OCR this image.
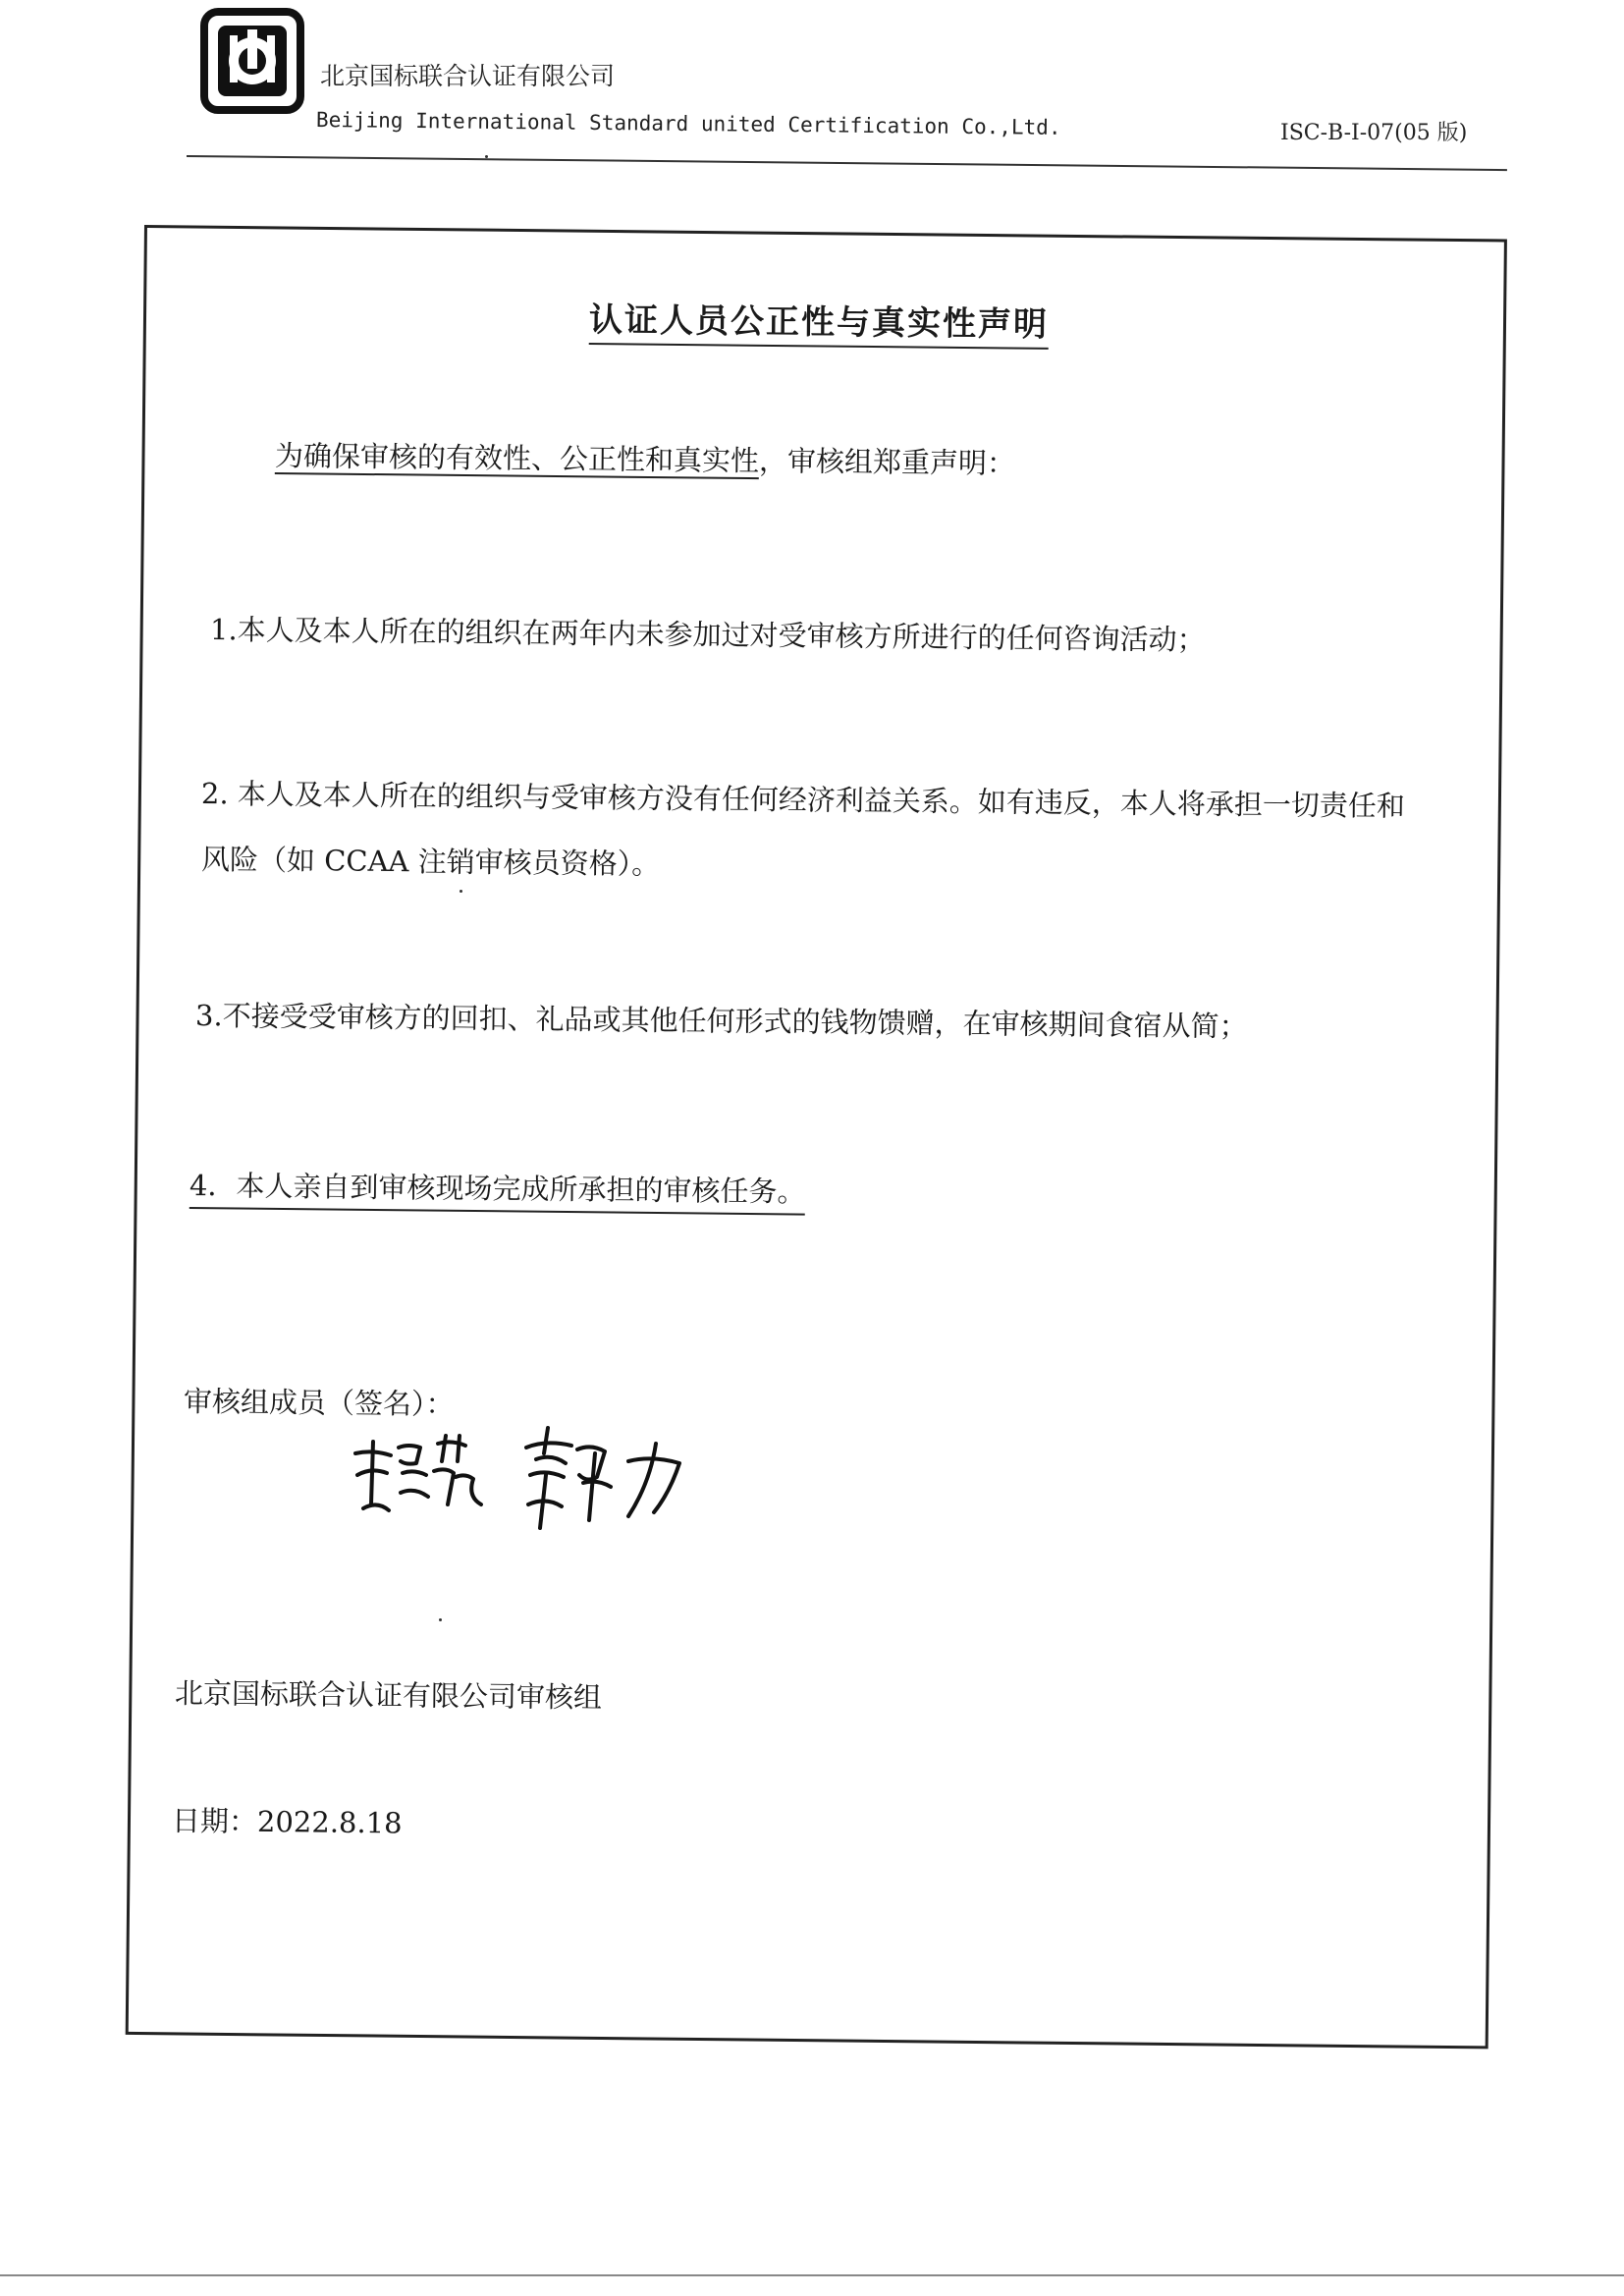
北京国标联合认证有限公司
Beijing International Standard united Certification Co.,Ltd.	ISC-B-I-07(05 版)
认证人员公正性与真实性声明
为确保审核的有效性、公正性和真实性，审核组郑重声明：
1.本人及本人所在的组织在两年内未参加过对受审核方所进行的任何咨询活动；
2. 本人及本人所在的组织与受审核方没有任何经济利益关系。如有违反，本人将承担一切责任和
风险（如 CCAA 注销审核员资格）。
3.不接受受审核方的回扣、礼品或其他任何形式的钱物馈赠，在审核期间食宿从简；
4．本人亲自到审核现场完成所承担的审核任务。
审核组成员（签名）：
北京国标联合认证有限公司审核组
日期：2022.8.18
